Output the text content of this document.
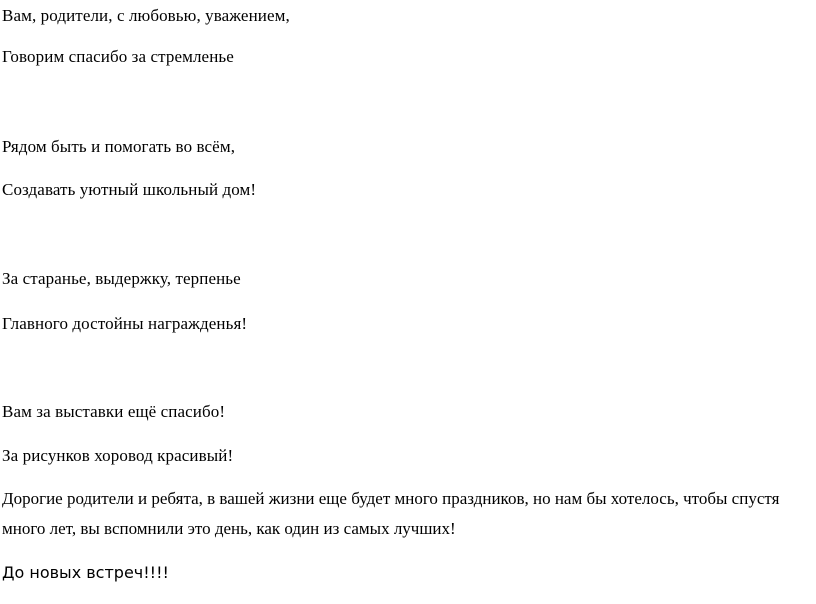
Вам, родители, с любовью, уважением,
Говорим спасибо за стремленье
Рядом быть и помогать во всём,
Создавать уютный школьный дом!
За старанье, выдержку, терпенье
Главного достойны награжденья!
Вам за выставки ещё спасибо!
За рисунков хоровод красивый!
Дорогие родители и ребята, в вашей жизни еще будет много праздников, но нам бы хотелось, чтобы спустя много лет, вы вспомнили это день, как один из самых лучших!
До новых встреч!!!!
